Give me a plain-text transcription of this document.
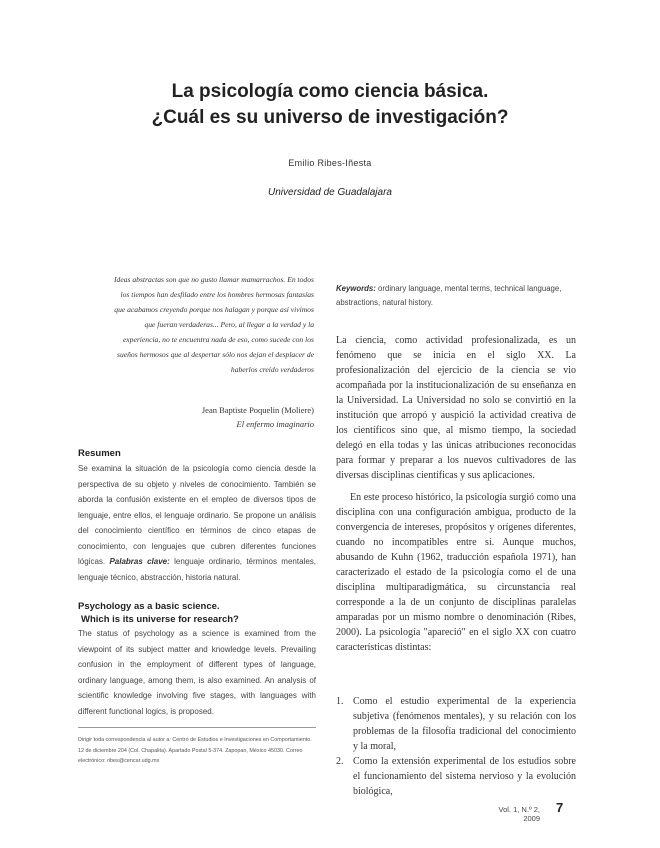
La psicología como ciencia básica.
¿Cuál es su universo de investigación?
Emilio Ribes-Iñesta
Universidad de Guadalajara
Ideas abstractas son que no gusto llamar mamarrachos. En todos los tiempos han desfilado entre los hombres hermosas fantasías que acabamos creyendo porque nos halagan y porque así vivimos que fueran verdaderas... Pero, al llegar a la verdad y la experiencia, no te encuentra nada de eso, como sucede con los sueños hermosos que al despertar sólo nos dejan el desplacer de haberlos creído verdaderos
Jean Baptiste Poquelin (Moliere)
El enfermo imaginario
Resumen
Se examina la situación de la psicología como ciencia desde la perspectiva de su objeto y niveles de conocimiento. También se aborda la confusión existente en el empleo de diversos tipos de lenguaje, entre ellos, el lenguaje ordinario. Se propone un análisis del conocimiento científico en términos de cinco etapas de conocimiento, con lenguajes que cubren diferentes funciones lógicas. Palabras clave: lenguaje ordinario, términos mentales, lenguaje técnico, abstracción, historia natural.
Psychology as a basic science.
Which is its universe for research?
The status of psychology as a science is examined from the viewpoint of its subject matter and knowledge levels. Prevailing confusion in the employment of different types of language, ordinary language, among them, is also examined. An analysis of scientific knowledge involving five stages, with languages with different functional logics, is proposed.
Keywords: ordinary language, mental terms, technical language, abstractions, natural history.
La ciencia, como actividad profesionalizada, es un fenómeno que se inicia en el siglo XX. La profesionalización del ejercicio de la ciencia se vio acompañada por la institucionalización de su enseñanza en la Universidad. La Universidad no solo se convirtió en la institución que arropó y auspició la actividad creativa de los científicos sino que, al mismo tiempo, la sociedad delegó en ella todas y las únicas atribuciones reconocidas para formar y preparar a los nuevos cultivadores de las diversas disciplinas científicas y sus aplicaciones.
En este proceso histórico, la psicología surgió como una disciplina con una configuración ambigua, producto de la convergencia de intereses, propósitos y orígenes diferentes, cuando no incompatibles entre sí. Aunque muchos, abusando de Kuhn (1962, traducción española 1971), han caracterizado el estado de la psicología como el de una disciplina multiparadigmática, su circunstancia real corresponde a la de un conjunto de disciplinas paralelas amparadas por un mismo nombre o denominación (Ribes, 2000). La psicología "apareció" en el siglo XX con cuatro características distintas:
1. Como el estudio experimental de la experiencia subjetiva (fenómenos mentales), y su relación con los problemas de la filosofía tradicional del conocimiento y la moral,
2. Como la extensión experimental de los estudios sobre el funcionamiento del sistema nervioso y la evolución biológica,
Dirigir toda correspondencia al autor a: Centro de Estudios e Investigaciones en Comportamiento. 12 de diciembre 204 (Col. Chapalita). Apartado Postal 5-374. Zapopan, México 45030. Correo electrónico: ribes@cencar.udg.mx
Vol. 1, N.º 2, 2009
7
